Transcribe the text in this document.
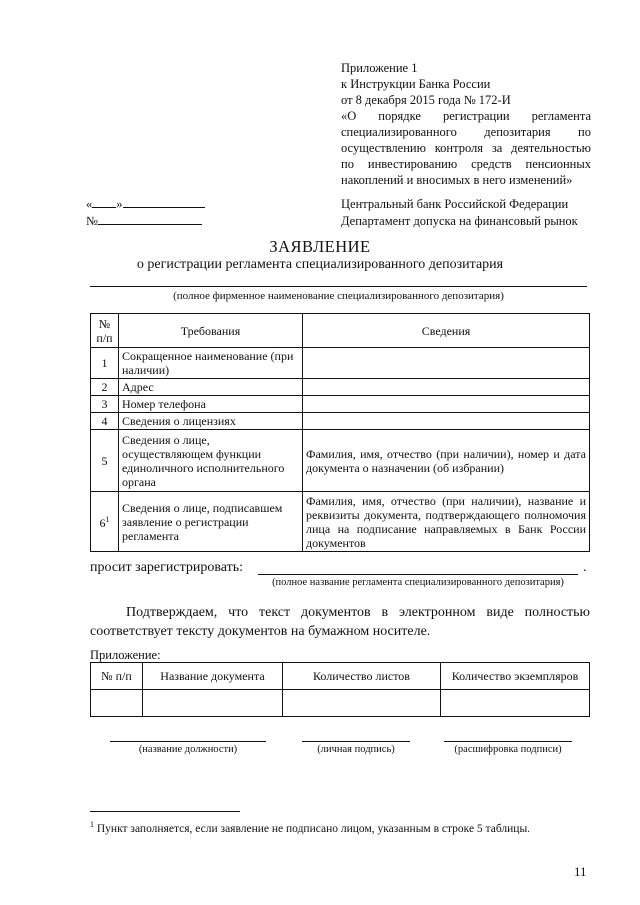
Приложение 1
к Инструкции Банка России
от 8 декабря 2015 года № 172-И
«О порядке регистрации регламента
специализированного депозитария по
осуществлению контроля за деятельностью
по инвестированию средств пенсионных
накоплений и вносимых в него изменений»
« »
№
Центральный банк Российской Федерации
Департамент допуска на финансовый рынок
ЗАЯВЛЕНИЕ
о регистрации регламента специализированного депозитария
(полное фирменное наименование специализированного депозитария)
№ п/п	Требования	Сведения
1	Сокращенное наименование (при наличии)	
2	Адрес	
3	Номер телефона	
4	Сведения о лицензиях	
5	Сведения о лице, осуществляющем функции единоличного исполнительного органа	Фамилия, имя, отчество (при наличии), номер и дата документа о назначении (об избрании)
$6^1$	Сведения о лице, подписавшем заявление о регистрации регламента	Фамилия, имя, отчество (при наличии), название и реквизиты документа, подтверждающего полномочия лица на подписание направляемых в Банк России документов
просит зарегистрировать:	.
(полное название регламента специализированного депозитария)
Подтверждаем, что текст документов в электронном виде полностью
соответствует тексту документов на бумажном носителе.
Приложение:
№ п/п	Название документа	Количество листов	Количество экземпляров

(название должности)	(личная подпись)	(расшифровка подписи)
$^1$ Пункт заполняется, если заявление не подписано лицом, указанным в строке 5 таблицы.
11
